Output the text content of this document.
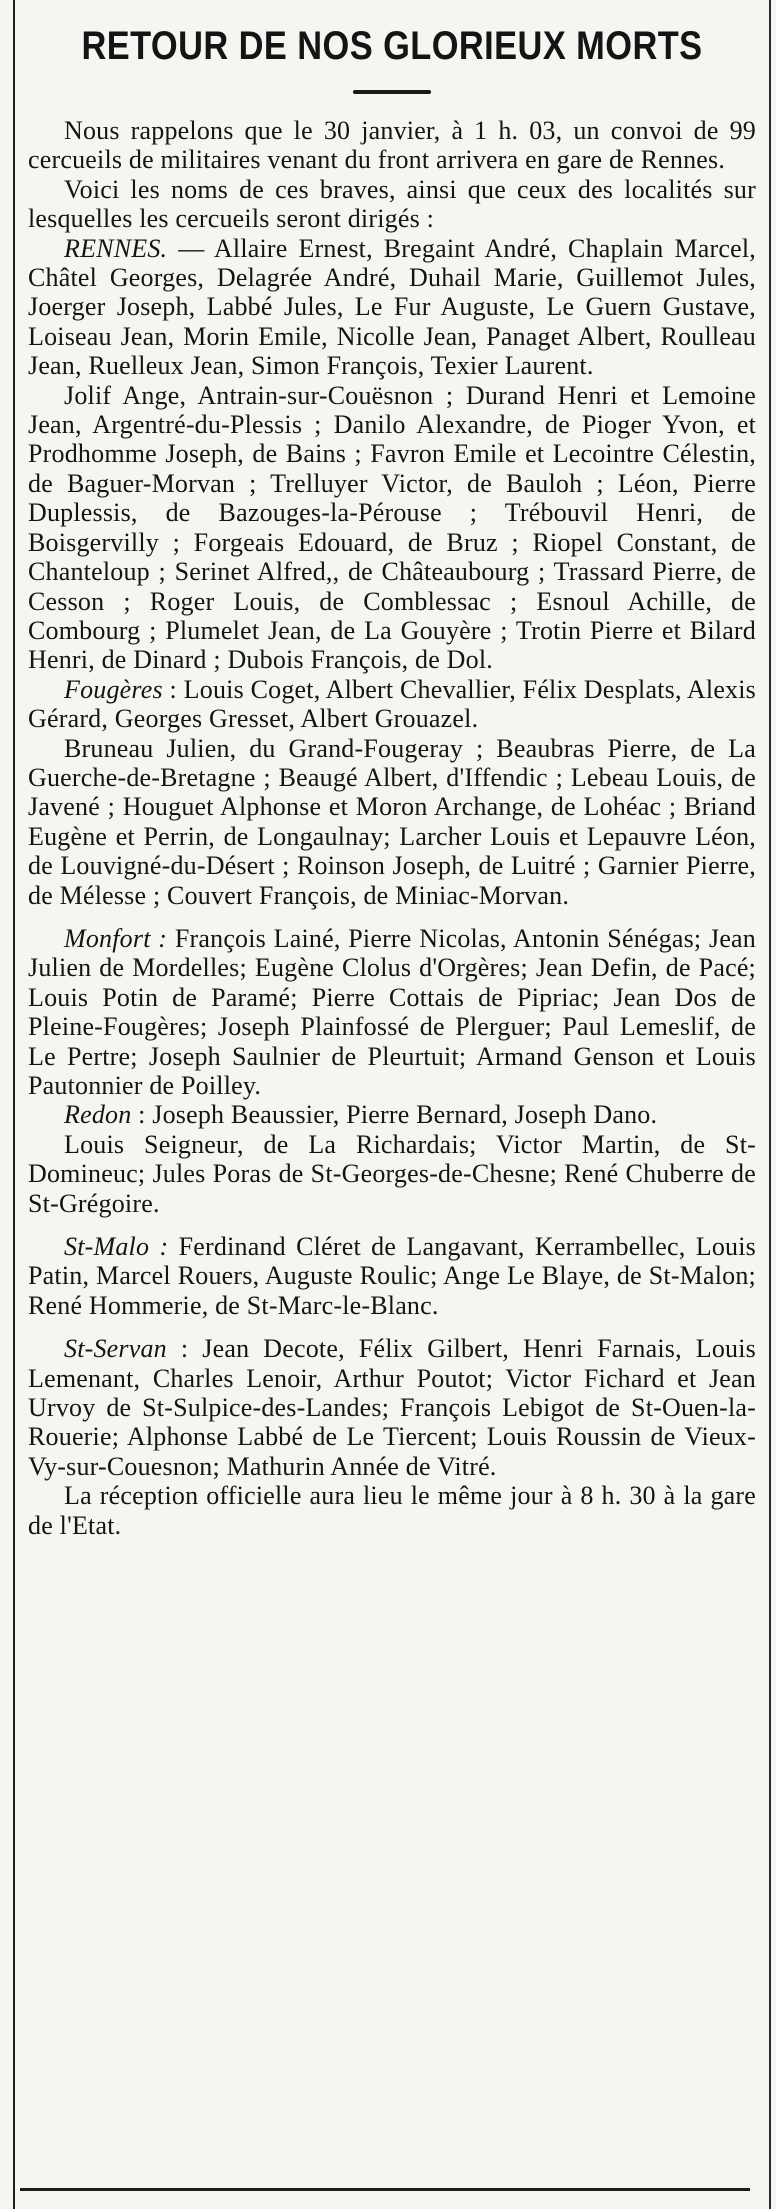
RETOUR DE NOS GLORIEUX MORTS

Nous rappelons que le 30 janvier, à 1 h. 03, un convoi de 99 cercueils de militaires venant du front arrivera en gare de Rennes.

Voici les noms de ces braves, ainsi que ceux des localités sur lesquelles les cercueils seront dirigés :

RENNES. — Allaire Ernest, Bregaint André, Chaplain Marcel, Châtel Georges, Delagrée André, Duhail Marie, Guillemot Jules, Joerger Joseph, Labbé Jules, Le Fur Auguste, Le Guern Gustave, Loiseau Jean, Morin Emile, Nicolle Jean, Panaget Albert, Roulleau Jean, Ruelleux Jean, Simon François, Texier Laurent.

Jolif Ange, Antrain-sur-Couësnon ; Durand Henri et Lemoine Jean, Argentré-du-Plessis ; Danilo Alexandre, de Pioger Yvon, et Prodhomme Joseph, de Bains ; Favron Emile et Lecointre Célestin, de Baguer-Morvan ; Trelluyer Victor, de Bauloh ; Léon, Pierre Duplessis, de Bazouges-la-Pérouse ; Trébouvil Henri, de Boisgervilly ; Forgeais Edouard, de Bruz ; Riopel Constant, de Chanteloup ; Serinet Alfred,, de Châteaubourg ; Trassard Pierre, de Cesson ; Roger Louis, de Comblessac ; Esnoul Achille, de Combourg ; Plumelet Jean, de La Gouyère ; Trotin Pierre et Bilard Henri, de Dinard ; Dubois François, de Dol.

Fougères : Louis Coget, Albert Chevallier, Félix Desplats, Alexis Gérard, Georges Gresset, Albert Grouazel.

Bruneau Julien, du Grand-Fougeray ; Beaubras Pierre, de La Guerche-de-Bretagne ; Beaugé Albert, d'Iffendic ; Lebeau Louis, de Javené ; Houguet Alphonse et Moron Archange, de Lohéac ; Briand Eugène et Perrin, de Longaulnay; Larcher Louis et Lepauvre Léon, de Louvigné-du-Désert ; Roinson Joseph, de Luitré ; Garnier Pierre, de Mélesse ; Couvert François, de Miniac-Morvan.

Monfort : François Lainé, Pierre Nicolas, Antonin Sénégas; Jean Julien de Mordelles; Eugène Clolus d'Orgères; Jean Defin, de Pacé; Louis Potin de Paramé; Pierre Cottais de Pipriac; Jean Dos de Pleine-Fougères; Joseph Plainfossé de Plerguer; Paul Lemeslif, de Le Pertre; Joseph Saulnier de Pleurtuit; Armand Genson et Louis Pautonnier de Poilley.

Redon : Joseph Beaussier, Pierre Bernard, Joseph Dano.

Louis Seigneur, de La Richardais; Victor Martin, de St-Domineuc; Jules Poras de St-Georges-de-Chesne; René Chuberre de St-Grégoire.

St-Malo : Ferdinand Cléret de Langavant, Kerrambellec, Louis Patin, Marcel Rouers, Auguste Roulic; Ange Le Blaye, de St-Malon; René Hommerie, de St-Marc-le-Blanc.

St-Servan : Jean Decote, Félix Gilbert, Henri Farnais, Louis Lemenant, Charles Lenoir, Arthur Poutot; Victor Fichard et Jean Urvoy de St-Sulpice-des-Landes; François Lebigot de St-Ouen-la-Rouerie; Alphonse Labbé de Le Tiercent; Louis Roussin de Vieux-Vy-sur-Couesnon; Mathurin Année de Vitré.

La réception officielle aura lieu le même jour à 8 h. 30 à la gare de l'Etat.
